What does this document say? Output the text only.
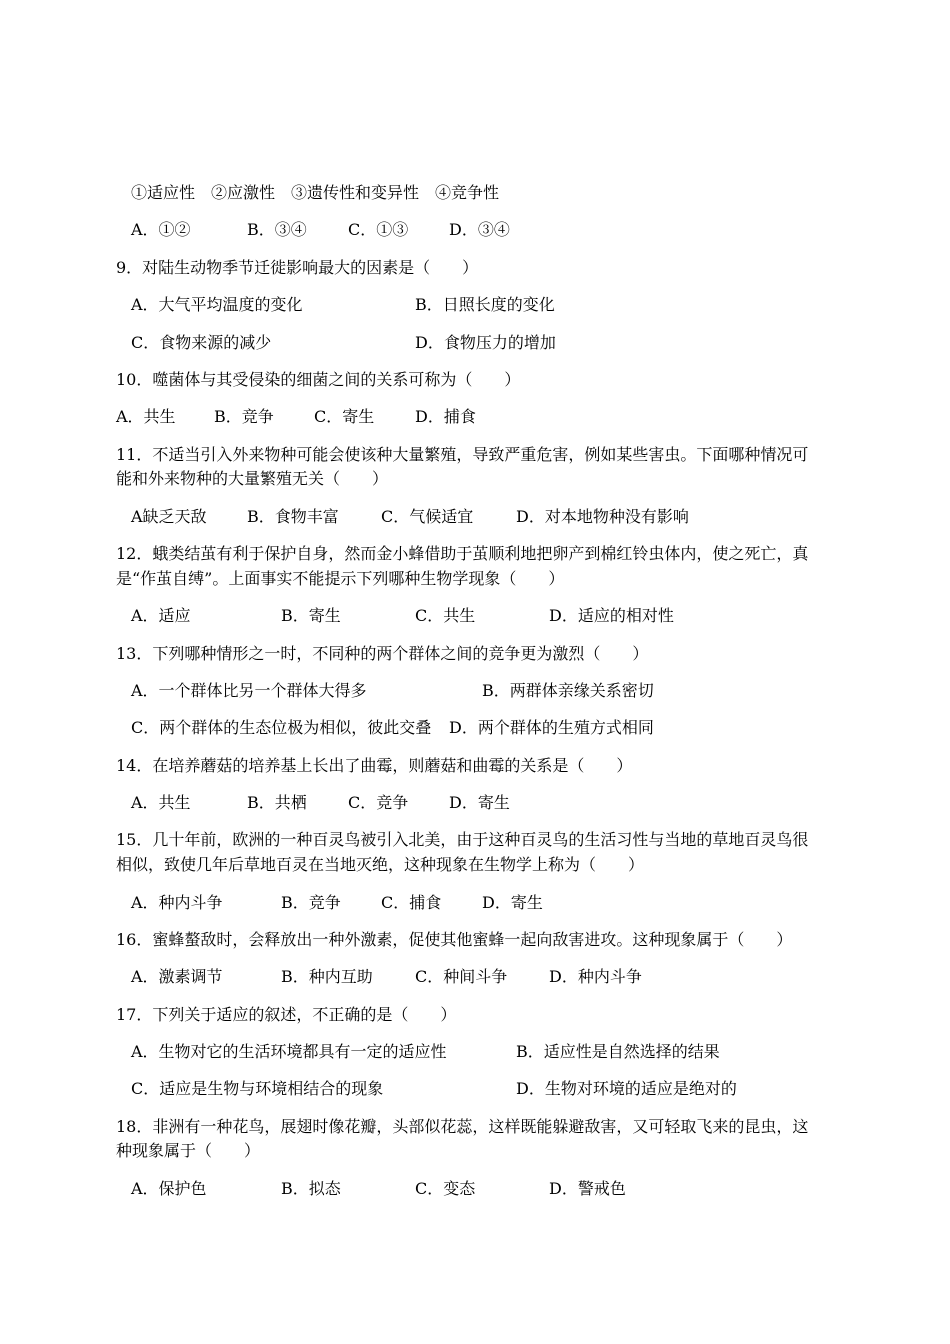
①适应性　②应激性　③遗传性和变异性　④竞争性
A．①②	B．③④	C．①③	D．③④
9．对陆生动物季节迁徙影响最大的因素是（　　）
A．大气平均温度的变化	B．日照长度的变化
C．食物来源的减少	D．食物压力的增加
10．噬菌体与其受侵染的细菌之间的关系可称为（　　）
A．共生 B．竞争	C．寄生	D．捕食
11．不适当引入外来物种可能会使该种大量繁殖，导致严重危害，例如某些害虫。下面哪种情况可
能和外来物种的大量繁殖无关（　　）
A缺乏天敌	B．食物丰富	C．气候适宜	D．对本地物种没有影响
12．蛾类结茧有利于保护自身，然而金小蜂借助于茧顺利地把卵产到棉红铃虫体内，使之死亡，真
是“作茧自缚”。上面事实不能提示下列哪种生物学现象（　　）
A．适应	B．寄生	C．共生	D．适应的相对性
13．下列哪种情形之一时，不同种的两个群体之间的竞争更为激烈（　　）
A．一个群体比另一个群体大得多	B．两群体亲缘关系密切
C．两个群体的生态位极为相似，彼此交叠 D．两个群体的生殖方式相同
14．在培养蘑菇的培养基上长出了曲霉，则蘑菇和曲霉的关系是（　　）
A．共生	B．共栖	C．竞争	D．寄生
15．几十年前，欧洲的一种百灵鸟被引入北美，由于这种百灵鸟的生活习性与当地的草地百灵鸟很
相似，致使几年后草地百灵在当地灭绝，这种现象在生物学上称为（　　）
A．种内斗争	B．竞争	C．捕食	D．寄生
16．蜜蜂螯敌时，会释放出一种外激素，促使其他蜜蜂一起向敌害进攻。这种现象属于（　　）
A．激素调节	B．种内互助	C．种间斗争	D．种内斗争
17．下列关于适应的叙述，不正确的是（　　）
A．生物对它的生活环境都具有一定的适应性	B．适应性是自然选择的结果
C．适应是生物与环境相结合的现象	D．生物对环境的适应是绝对的
18．非洲有一种花鸟，展翅时像花瓣，头部似花蕊，这样既能躲避敌害，又可轻取飞来的昆虫，这
种现象属于（　　）
A．保护色	B．拟态	C．变态	D．警戒色
